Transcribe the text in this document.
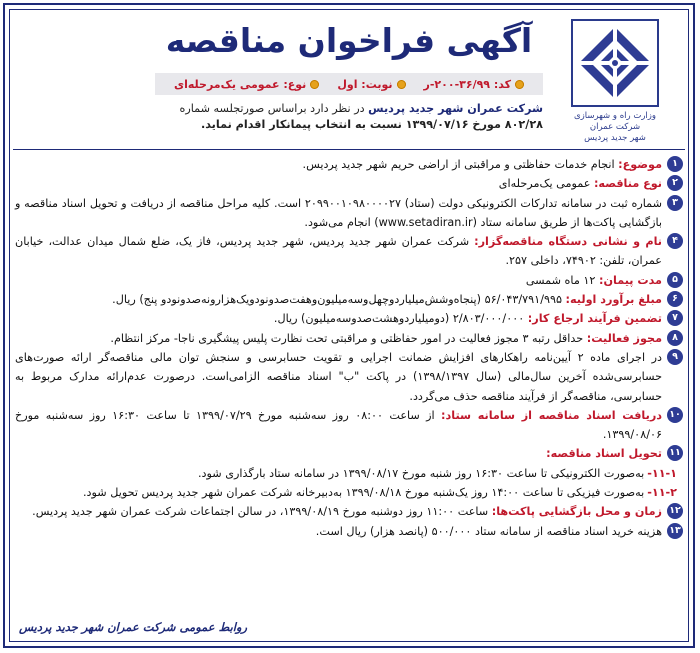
وزارت راه و شهرسازی
شرکت عمران
شهر جدید پردیس
آگهی فراخوان مناقصه
کد: ۳۶/۹۹-۲۰۰-ر
نوبت: اول
نوع: عمومی یک‌مرحله‌ای

شرکت عمران شهر جدید پردیس در نظر دارد براساس صورتجلسه شماره

۸۰۲/۲۸ مورخ ۱۳۹۹/۰۷/۱۶ نسبت به انتخاب پیمانکار اقدام نماید.

۱
موضوع: انجام خدمات حفاظتی و مراقبتی از اراضی حریم شهر جدید پردیس.
۲
نوع مناقصه: عمومی یک‌مرحله‌ای
۳
شماره ثبت در سامانه تدارکات الکترونیکی دولت (ستاد) ۲۰۹۹۰۰۱۰۹۸۰۰۰۰۲۷ است. کلیه مراحل مناقصه از دریافت و تحویل اسناد مناقصه و بازگشایی پاکت‌ها از طریق سامانه ستاد (www.setadiran.ir) انجام می‌شود.
۴
نام و نشانی دستگاه مناقصه‌گزار: شرکت عمران شهر جدید پردیس، شهر جدید پردیس، فاز یک، ضلع شمال میدان عدالت، خیابان عمران، تلفن: ۷۴۹۰۲، داخلی ۲۵۷.
۵
مدت پیمان: ۱۲ ماه شمسی
۶
مبلغ برآورد اولیه: ۵۶/۰۴۳/۷۹۱/۹۹۵ (پنجاه‌وشش‌میلیاردوچهل‌وسه‌میلیون‌وهفت‌صدونودویک‌هزارونه‌صدونودو پنج) ریال.
۷
تضمین فرآیند ارجاع کار: ۲/۸۰۳/۰۰۰/۰۰۰ (دومیلیاردوهشت‌صدوسه‌میلیون) ریال.
۸
مجوز فعالیت: حداقل رتبه ۳ مجوز فعالیت در امور حفاظتی و مراقبتی تحت نظارت پلیس پیشگیری ناجا- مرکز انتظام.
۹
در اجرای ماده ۲ آیین‌نامه راهکارهای افزایش ضمانت اجرایی و تقویت حسابرسی و سنجش توان مالی مناقصه‌گر ارائه صورت‌های حسابرسی‌شده آخرین سال‌مالی (سال ۱۳۹۸/۱۳۹۷) در پاکت "ب" اسناد مناقصه الزامی‌است. درصورت عدم‌ارائه مدارک مربوط به حسابرسی، مناقصه‌گر از فرآیند مناقصه حذف می‌گردد.
۱۰
دریافت اسناد مناقصه از سامانه ستاد: از ساعت ۰۸:۰۰ روز سه‌شنبه مورخ ۱۳۹۹/۰۷/۲۹ تا ساعت ۱۶:۳۰ روز سه‌شنبه مورخ ۱۳۹۹/۰۸/۰۶.
۱۱
تحویل اسناد مناقصه:
۱۱-۱-
به‌صورت الکترونیکی تا ساعت ۱۶:۳۰ روز شنبه مورخ ۱۳۹۹/۰۸/۱۷ در سامانه ستاد بارگذاری شود.
۱۱-۲-
به‌صورت فیزیکی تا ساعت ۱۴:۰۰ روز یک‌شنبه مورخ ۱۳۹۹/۰۸/۱۸ به‌دبیرخانه شرکت عمران شهر جدید پردیس تحویل شود.
۱۲
زمان و محل بازگشایی پاکت‌ها: ساعت ۱۱:۰۰ روز دوشنبه مورخ ۱۳۹۹/۰۸/۱۹، در سالن اجتماعات شرکت عمران شهر جدید پردیس.
۱۳
هزینه خرید اسناد مناقصه از سامانه ستاد ۵۰۰/۰۰۰ (پانصد هزار) ریال است.
روابط عمومی شرکت عمران شهر جدید پردیس
